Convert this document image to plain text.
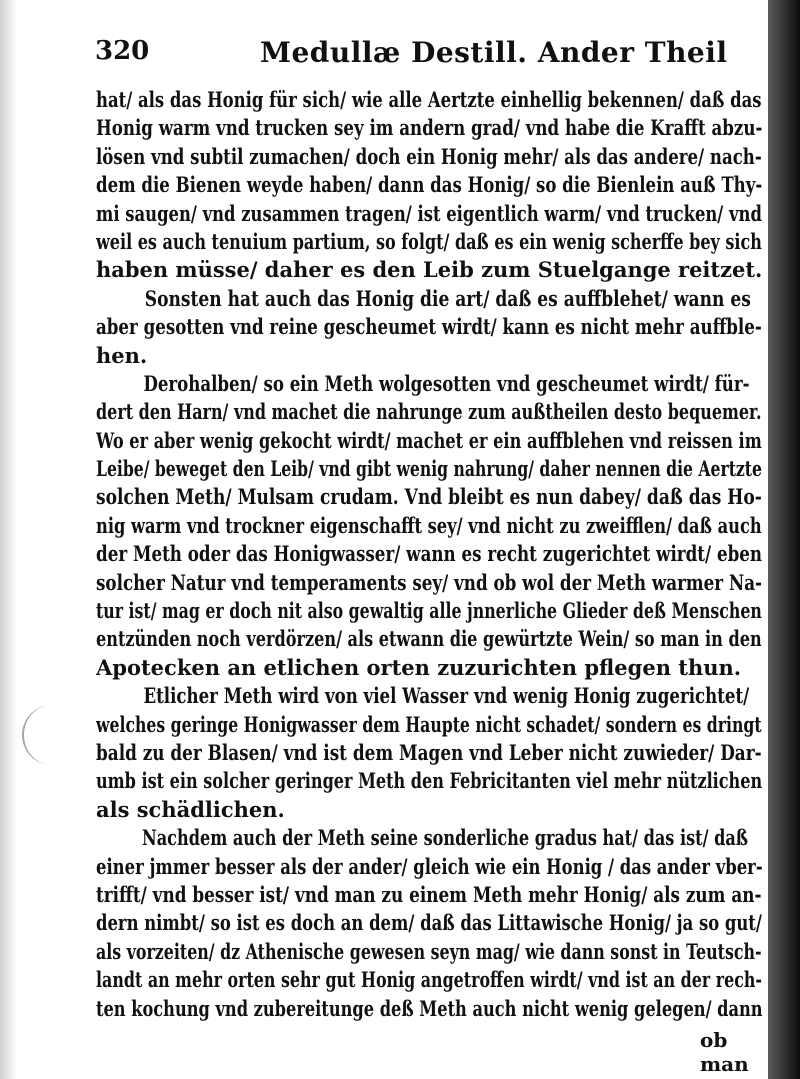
320	Medullæ Destill. Ander Theil
hat/ als das Honig für sich/ wie alle Aertzte einhellig bekennen/ daß das
Honig warm vnd trucken sey im andern grad/ vnd habe die Krafft abzu-
lösen vnd subtil zumachen/ doch ein Honig mehr/ als das andere/ nach-
dem die Bienen weyde haben/ dann das Honig/ so die Bienlein auß Thy-
mi saugen/ vnd zusammen tragen/ ist eigentlich warm/ vnd trucken/ vnd
weil es auch tenuium partium, so folgt/ daß es ein wenig scherffe bey sich
haben müsse/ daher es den Leib zum Stuelgange reitzet.
Sonsten hat auch das Honig die art/ daß es auffblehet/ wann es
aber gesotten vnd reine gescheumet wirdt/ kann es nicht mehr auffble-
hen.
Derohalben/ so ein Meth wolgesotten vnd gescheumet wirdt/ für-
dert den Harn/ vnd machet die nahrunge zum außtheilen desto bequemer.
Wo er aber wenig gekocht wirdt/ machet er ein auffblehen vnd reissen im
Leibe/ beweget den Leib/ vnd gibt wenig nahrung/ daher nennen die Aertzte
solchen Meth/ Mulsam crudam. Vnd bleibt es nun dabey/ daß das Ho-
nig warm vnd trockner eigenschafft sey/ vnd nicht zu zweifflen/ daß auch
der Meth oder das Honigwasser/ wann es recht zugerichtet wirdt/ eben
solcher Natur vnd temperaments sey/ vnd ob wol der Meth warmer Na-
tur ist/ mag er doch nit also gewaltig alle jnnerliche Glieder deß Menschen
entzünden noch verdörzen/ als etwann die gewürtzte Wein/ so man in den
Apotecken an etlichen orten zuzurichten pflegen thun.
Etlicher Meth wird von viel Wasser vnd wenig Honig zugerichtet/
welches geringe Honigwasser dem Haupte nicht schadet/ sondern es dringt
bald zu der Blasen/ vnd ist dem Magen vnd Leber nicht zuwieder/ Dar-
umb ist ein solcher geringer Meth den Febricitanten viel mehr nützlichen
als schädlichen.
Nachdem auch der Meth seine sonderliche gradus hat/ das ist/ daß
einer jmmer besser als der ander/ gleich wie ein Honig / das ander vber-
trifft/ vnd besser ist/ vnd man zu einem Meth mehr Honig/ als zum an-
dern nimbt/ so ist es doch an dem/ daß das Littawische Honig/ ja so gut/
als vorzeiten/ dz Athenische gewesen seyn mag/ wie dann sonst in Teutsch-
landt an mehr orten sehr gut Honig angetroffen wirdt/ vnd ist an der rech-
ten kochung vnd zubereitunge deß Meth auch nicht wenig gelegen/ dann
ob man
